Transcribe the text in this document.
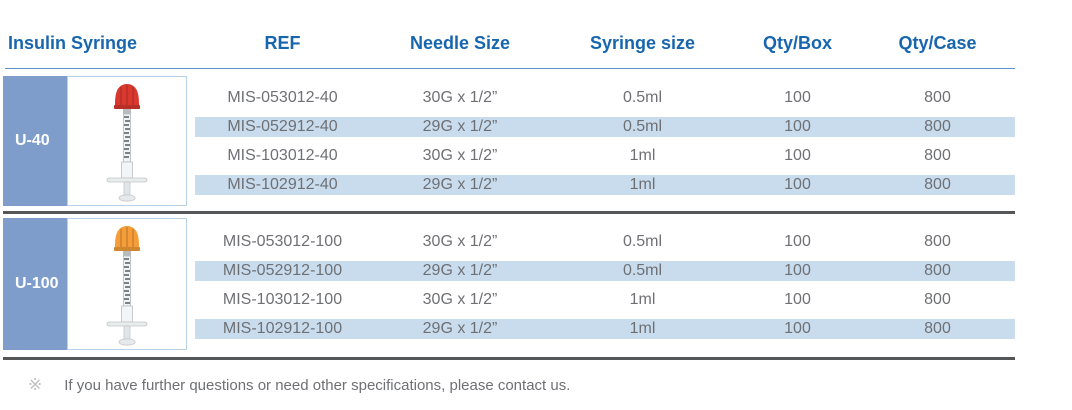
Insulin Syringe	REF	Needle Size	Syringe size	Qty/Box	Qty/Case
U-40
MIS-053012-40	30G x 1/2”	0.5ml	100	800
MIS-052912-40	29G x 1/2”	0.5ml	100	800
MIS-103012-40	30G x 1/2”	1ml	100	800
MIS-102912-40	29G x 1/2”	1ml	100	800
U-100
MIS-053012-100	30G x 1/2”	0.5ml	100	800
MIS-052912-100	29G x 1/2”	0.5ml	100	800
MIS-103012-100	30G x 1/2”	1ml	100	800
MIS-102912-100	29G x 1/2”	1ml	100	800
※ If you have further questions or need other specifications, please contact us.
